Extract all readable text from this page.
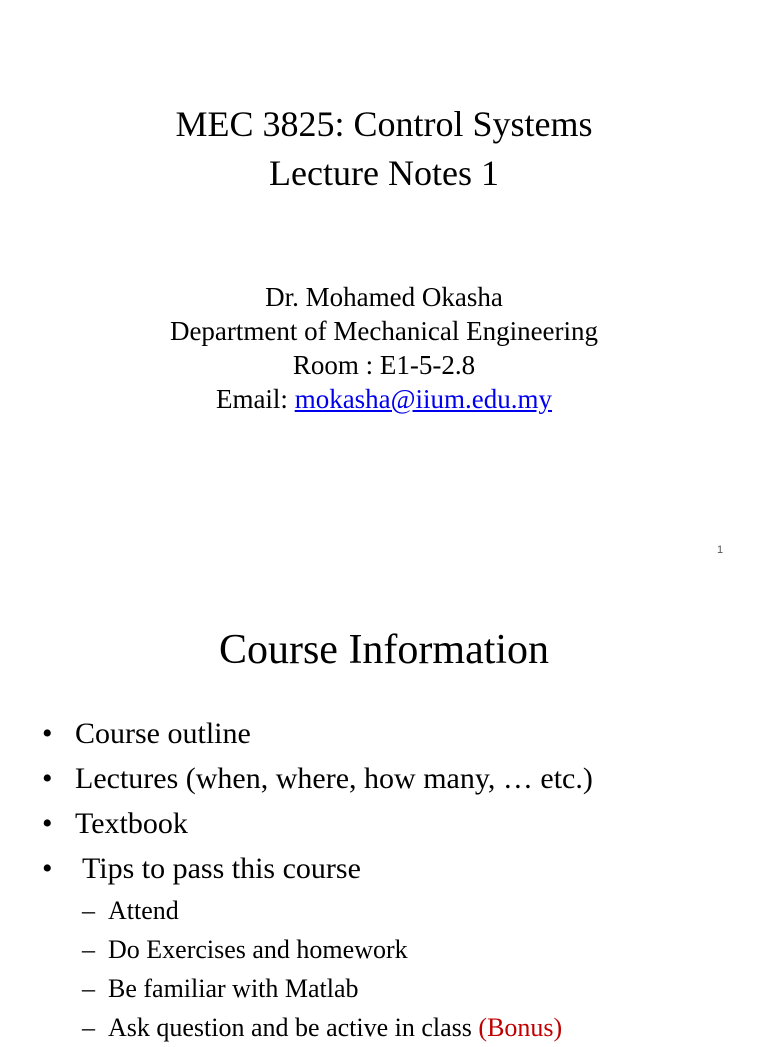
MEC 3825: Control Systems
Lecture Notes 1
Dr. Mohamed Okasha
Department of Mechanical Engineering
Room : E1-5-2.8
Email: mokasha@iium.edu.my
1
Course Information
• Course outline
• Lectures (when, where, how many, … etc.)
• Textbook
• Tips to pass this course
– Attend
– Do Exercises and homework
– Be familiar with Matlab
– Ask question and be active in class (Bonus)
